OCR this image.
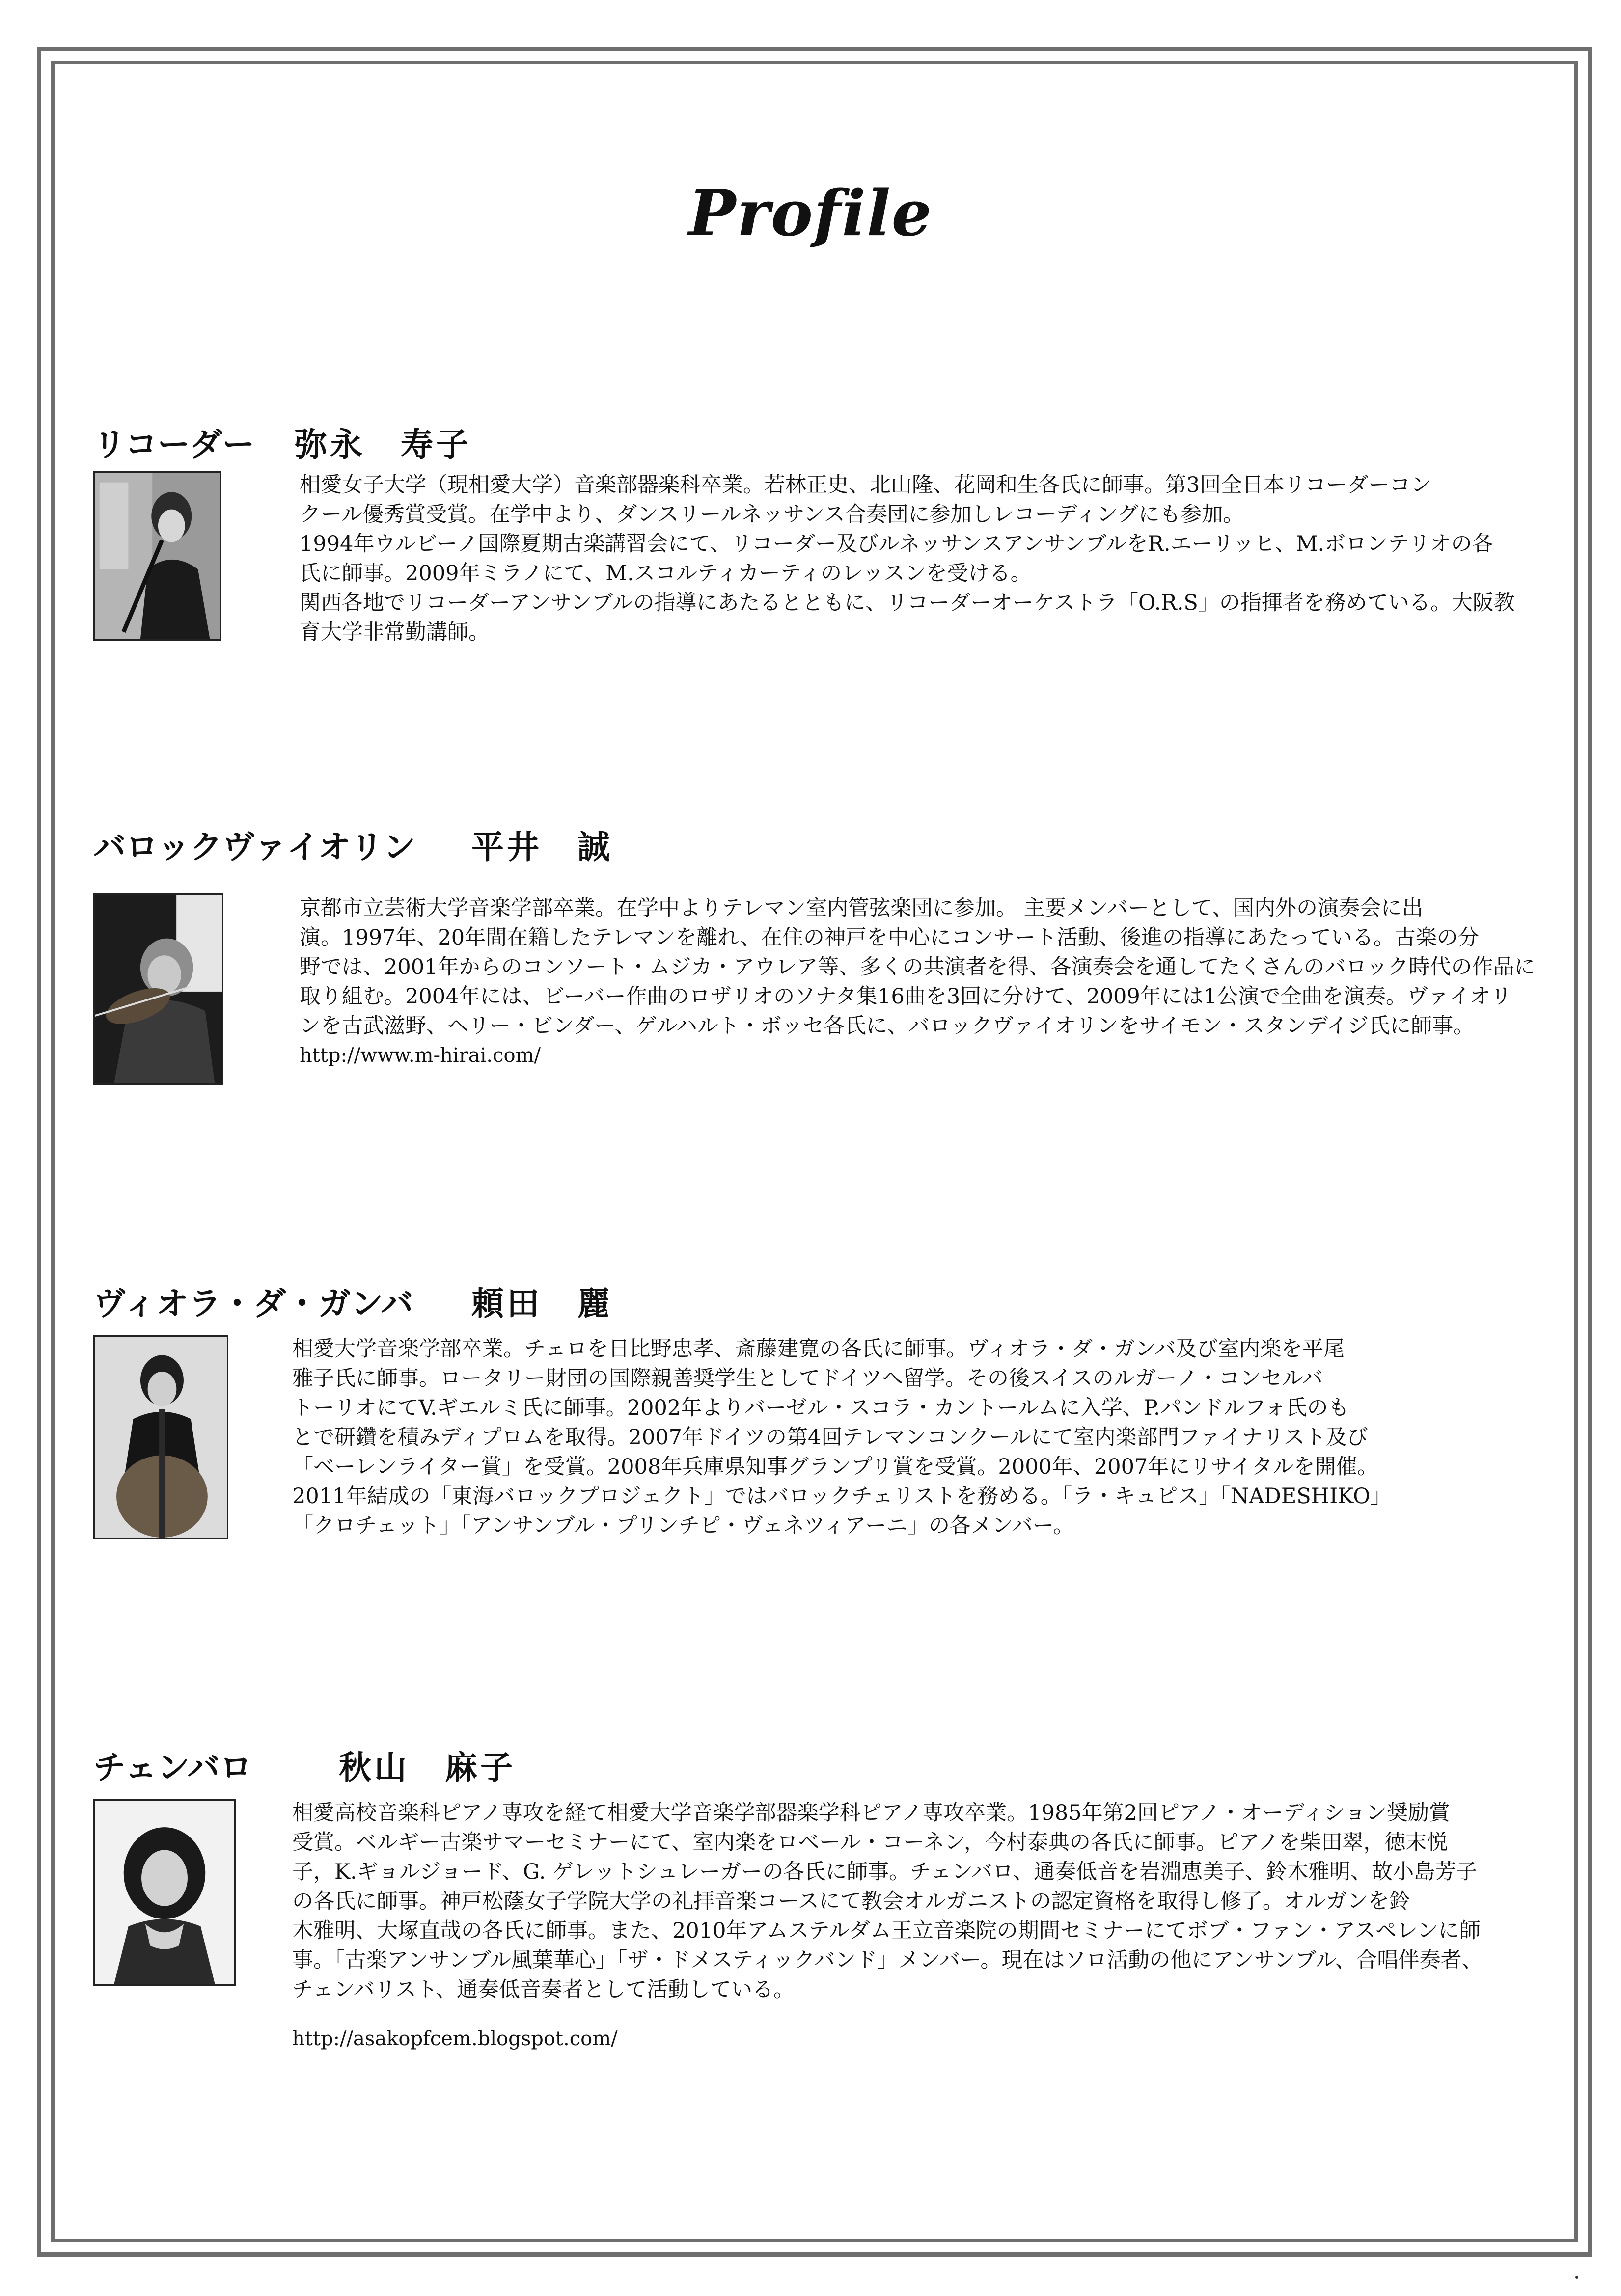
Profile
リコーダー 弥永　寿子
相愛女子大学（現相愛大学）音楽部器楽科卒業。若林正史、北山隆、花岡和生各氏に師事。第3回全日本リコーダーコン
クール優秀賞受賞。在学中より、ダンスリールネッサンス合奏団に参加しレコーディングにも参加。
1994年ウルビーノ国際夏期古楽講習会にて、リコーダー及びルネッサンスアンサンブルをR.エーリッヒ、M.ボロンテリオの各
氏に師事。2009年ミラノにて、M.スコルティカーティのレッスンを受ける。
関西各地でリコーダーアンサンブルの指導にあたるとともに、リコーダーオーケストラ「O.R.S」の指揮者を務めている。大阪教
育大学非常勤講師。
バロックヴァイオリン 平井　誠
京都市立芸術大学音楽学部卒業。在学中よりテレマン室内管弦楽団に参加。 主要メンバーとして、国内外の演奏会に出
演。1997年、20年間在籍したテレマンを離れ、在住の神戸を中心にコンサート活動、後進の指導にあたっている。古楽の分
野では、2001年からのコンソート・ムジカ・アウレア等、多くの共演者を得、各演奏会を通してたくさんのバロック時代の作品に
取り組む。2004年には、ビーバー作曲のロザリオのソナタ集16曲を3回に分けて、2009年には1公演で全曲を演奏。ヴァイオリ
ンを古武滋野、ヘリー・ビンダー、ゲルハルト・ボッセ各氏に、バロックヴァイオリンをサイモン・スタンデイジ氏に師事。
http://www.m-hirai.com/
ヴィオラ・ダ・ガンバ 頼田　麗
相愛大学音楽学部卒業。チェロを日比野忠孝、斎藤建寛の各氏に師事。ヴィオラ・ダ・ガンバ及び室内楽を平尾
雅子氏に師事。ロータリー財団の国際親善奨学生としてドイツへ留学。その後スイスのルガーノ・コンセルバ
トーリオにてV.ギエルミ氏に師事。2002年よりバーゼル・スコラ・カントールムに入学、P.パンドルフォ氏のも
とで研鑽を積みディプロムを取得。2007年ドイツの第4回テレマンコンクールにて室内楽部門ファイナリスト及び
「ベーレンライター賞」を受賞。2008年兵庫県知事グランプリ賞を受賞。2000年、2007年にリサイタルを開催。
2011年結成の「東海バロックプロジェクト」ではバロックチェリストを務める。「ラ・キュピス」「NADESHIKO」
「クロチェット」「アンサンブル・プリンチピ・ヴェネツィアーニ」の各メンバー。
チェンバロ	秋山　麻子
相愛高校音楽科ピアノ専攻を経て相愛大学音楽学部器楽学科ピアノ専攻卒業。1985年第2回ピアノ・オーディション奨励賞
受賞。ベルギー古楽サマーセミナーにて、室内楽をロベール・コーネン，今村泰典の各氏に師事。ピアノを柴田翠，徳末悦
子，K.ギョルジョード、G. ゲレットシュレーガーの各氏に師事。チェンバロ、通奏低音を岩淵恵美子、鈴木雅明、故小島芳子
の各氏に師事。神戸松蔭女子学院大学の礼拝音楽コースにて教会オルガニストの認定資格を取得し修了。オルガンを鈴
木雅明、大塚直哉の各氏に師事。また、2010年アムステルダム王立音楽院の期間セミナーにてボブ・ファン・アスペレンに師
事。「古楽アンサンブル風葉華心」「ザ・ドメスティックバンド」メンバー。現在はソロ活動の他にアンサンブル、合唱伴奏者、
チェンバリスト、通奏低音奏者として活動している。
http://asakopfcem.blogspot.com/
